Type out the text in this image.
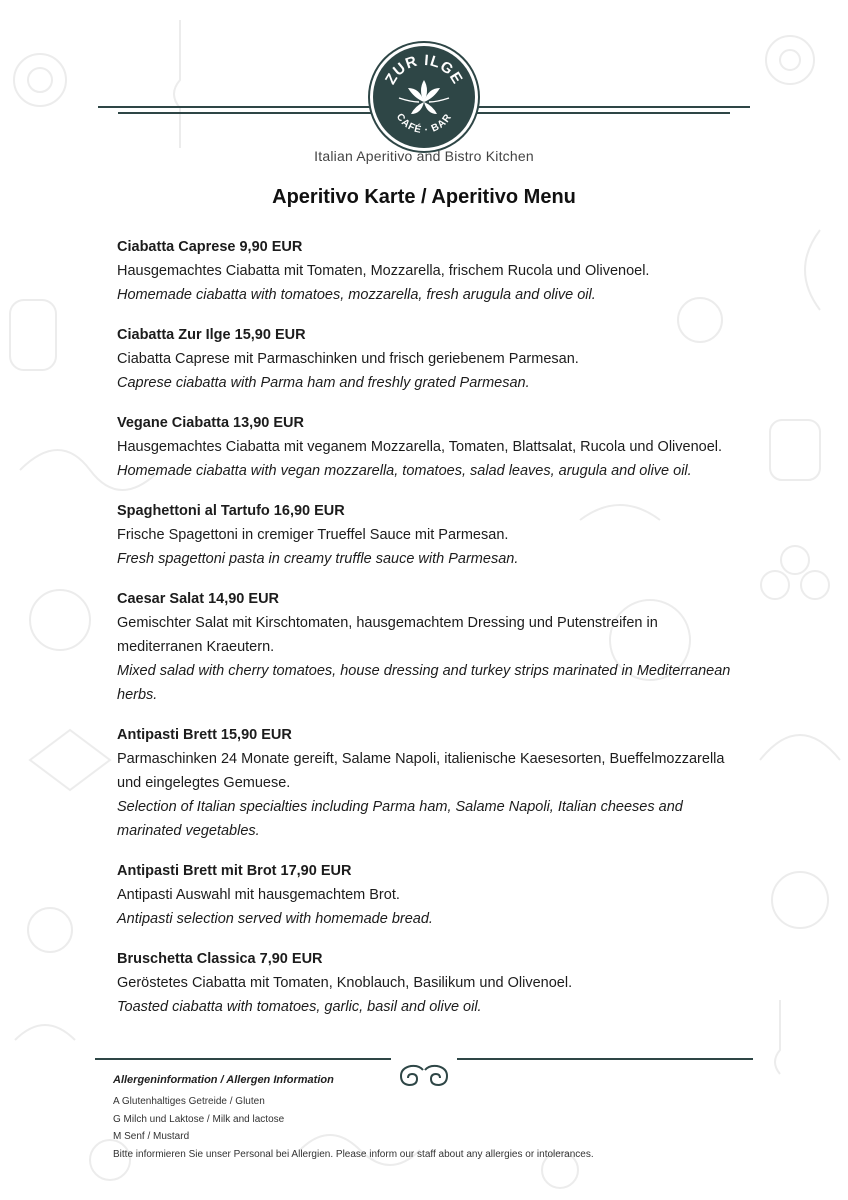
ZUR ILGE
CAFÉ · BAR
Italian Aperitivo and Bistro Kitchen
Aperitivo Karte / Aperitivo Menu
Ciabatta Caprese 9,90 EUR
Hausgemachtes Ciabatta mit Tomaten, Mozzarella, frischem Rucola und Olivenoel.
Homemade ciabatta with tomatoes, mozzarella, fresh arugula and olive oil.
Ciabatta Zur Ilge 15,90 EUR
Ciabatta Caprese mit Parmaschinken und frisch geriebenem Parmesan.
Caprese ciabatta with Parma ham and freshly grated Parmesan.
Vegane Ciabatta 13,90 EUR
Hausgemachtes Ciabatta mit veganem Mozzarella, Tomaten, Blattsalat, Rucola und Olivenoel.
Homemade ciabatta with vegan mozzarella, tomatoes, salad leaves, arugula and olive oil.
Spaghettoni al Tartufo 16,90 EUR
Frische Spagettoni in cremiger Trueffel Sauce mit Parmesan.
Fresh spagettoni pasta in creamy truffle sauce with Parmesan.
Caesar Salat 14,90 EUR
Gemischter Salat mit Kirschtomaten, hausgemachtem Dressing und Putenstreifen in mediterranen Kraeutern.
Mixed salad with cherry tomatoes, house dressing and turkey strips marinated in Mediterranean herbs.
Antipasti Brett 15,90 EUR
Parmaschinken 24 Monate gereift, Salame Napoli, italienische Kaesesorten, Bueffelmozzarella und eingelegtes Gemuese.
Selection of Italian specialties including Parma ham, Salame Napoli, Italian cheeses and marinated vegetables.
Antipasti Brett mit Brot 17,90 EUR
Antipasti Auswahl mit hausgemachtem Brot.
Antipasti selection served with homemade bread.
Bruschetta Classica 7,90 EUR
Geröstetes Ciabatta mit Tomaten, Knoblauch, Basilikum und Olivenoel.
Toasted ciabatta with tomatoes, garlic, basil and olive oil.
Allergeninformation / Allergen Information
A Glutenhaltiges Getreide / Gluten
G Milch und Laktose / Milk and lactose
M Senf / Mustard
Bitte informieren Sie unser Personal bei Allergien. Please inform our staff about any allergies or intolerances.
